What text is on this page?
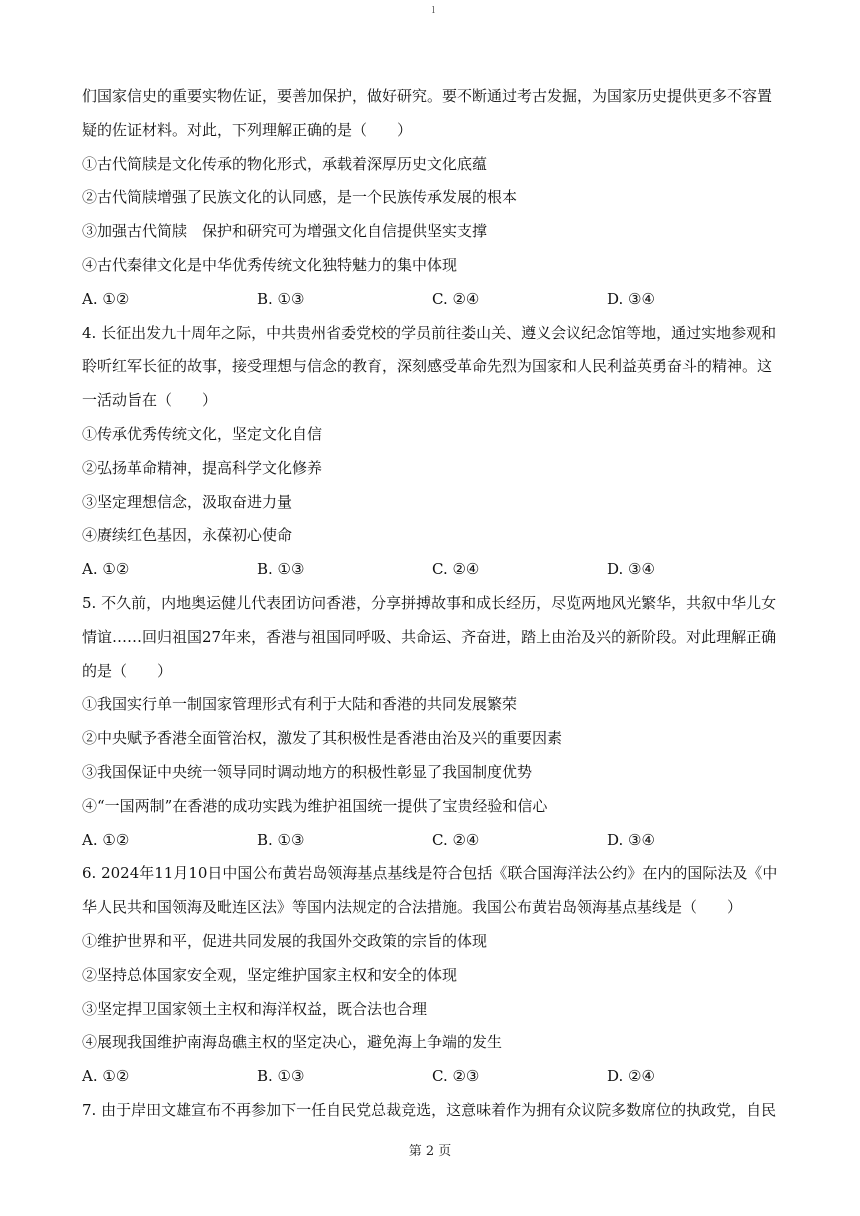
l
们国家信史的重要实物佐证，要善加保护，做好研究。要不断通过考古发掘，为国家历史提供更多不容置
疑的佐证材料。对此，下列理解正确的是（　　）
①古代简牍是文化传承的物化形式，承载着深厚历史文化底蕴
②古代简牍增强了民族文化的认同感，是一个民族传承发展的根本
③加强古代简牍　保护和研究可为增强文化自信提供坚实支撑
④古代秦律文化是中华优秀传统文化独特魅力的集中体现
A. ①②	B. ①③	C. ②④	D. ③④
4. 长征出发九十周年之际，中共贵州省委党校的学员前往娄山关、遵义会议纪念馆等地，通过实地参观和
聆听红军长征的故事，接受理想与信念的教育，深刻感受革命先烈为国家和人民利益英勇奋斗的精神。这
一活动旨在（　　）
①传承优秀传统文化，坚定文化自信
②弘扬革命精神，提高科学文化修养
③坚定理想信念，汲取奋进力量
④赓续红色基因，永葆初心使命
A. ①②	B. ①③	C. ②④	D. ③④
5. 不久前，内地奥运健儿代表团访问香港，分享拼搏故事和成长经历，尽览两地风光繁华，共叙中华儿女
情谊……回归祖国27年来，香港与祖国同呼吸、共命运、齐奋进，踏上由治及兴的新阶段。对此理解正确
的是（　　）
①我国实行单一制国家管理形式有利于大陆和香港的共同发展繁荣
②中央赋予香港全面管治权，激发了其积极性是香港由治及兴的重要因素
③我国保证中央统一领导同时调动地方的积极性彰显了我国制度优势
④“一国两制”在香港的成功实践为维护祖国统一提供了宝贵经验和信心
A. ①②	B. ①③	C. ②④	D. ③④
6. 2024年11月10日中国公布黄岩岛领海基点基线是符合包括《联合国海洋法公约》在内的国际法及《中
华人民共和国领海及毗连区法》等国内法规定的合法措施。我国公布黄岩岛领海基点基线是（　　）
①维护世界和平，促进共同发展的我国外交政策的宗旨的体现
②坚持总体国家安全观，坚定维护国家主权和安全的体现
③坚定捍卫国家领土主权和海洋权益，既合法也合理
④展现我国维护南海岛礁主权的坚定决心，避免海上争端的发生
A. ①②	B. ①③	C. ②③	D. ②④
7. 由于岸田文雄宣布不再参加下一任自民党总裁竞选，这意味着作为拥有众议院多数席位的执政党，自民
第 2 页
